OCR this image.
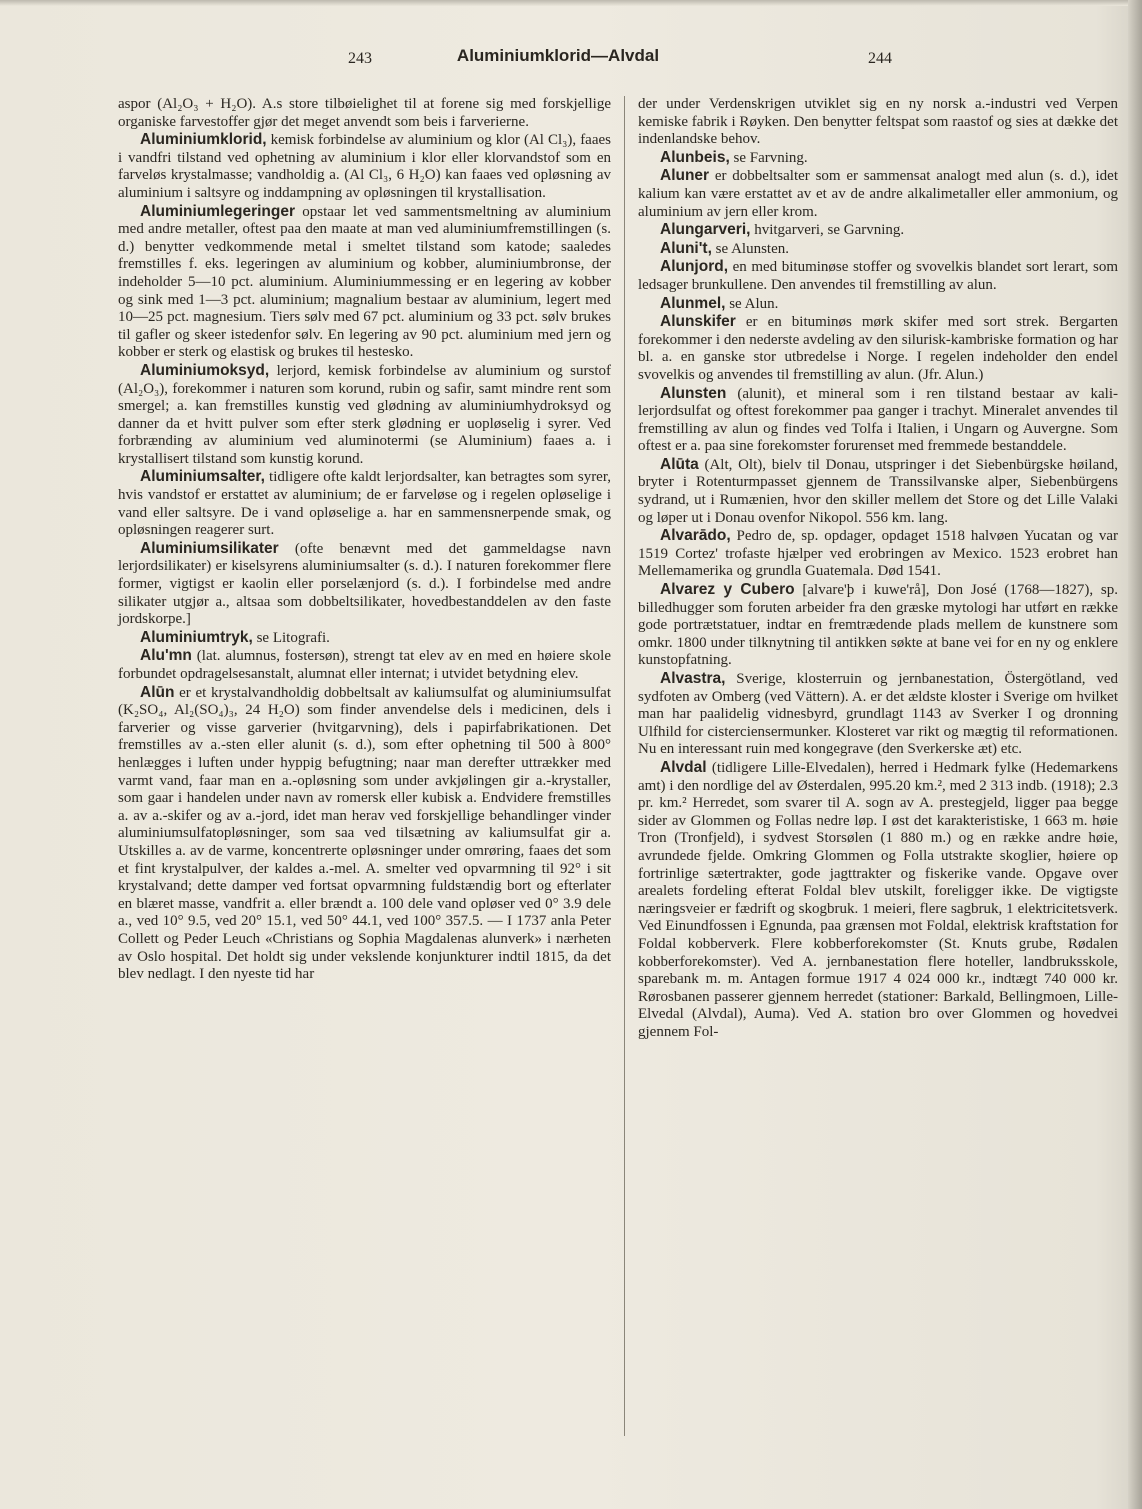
243	Aluminiumklorid—Alvdal	244

aspor (Al₂O₃ + H₂O). A.s store tilbøielighet til at forene sig med forskjellige organiske farvestoffer gjør det meget anvendt som beis i farverierne.

Aluminiumklorid, kemisk forbindelse av aluminium og klor (Al Cl₃), faaes i vandfri tilstand ved ophetning av aluminium i klor eller klorvandstof som en farveløs krystalmasse; vandholdig a. (Al Cl₃, 6 H₂O) kan faaes ved opløsning av aluminium i saltsyre og inddampning av opløsningen til krystallisation.

Aluminiumlegeringer opstaar let ved sammentsmeltning av aluminium med andre metaller, oftest paa den maate at man ved aluminiumfremstillingen (s. d.) benytter vedkommende metal i smeltet tilstand som katode; saaledes fremstilles f. eks. legeringen av aluminium og kobber, aluminiumbronse, der indeholder 5—10 pct. aluminium. Aluminiummessing er en legering av kobber og sink med 1—3 pct. aluminium; magnalium bestaar av aluminium, legert med 10—25 pct. magnesium. Tiers sølv med 67 pct. aluminium og 33 pct. sølv brukes til gafler og skeer istedenfor sølv. En legering av 90 pct. aluminium med jern og kobber er sterk og elastisk og brukes til hestesko.

Aluminiumoksyd, lerjord, kemisk forbindelse av aluminium og surstof (Al₂O₃), forekommer i naturen som korund, rubin og safir, samt mindre rent som smergel; a. kan fremstilles kunstig ved glødning av aluminiumhydroksyd og danner da et hvitt pulver som efter sterk glødning er uopløselig i syrer. Ved forbrænding av aluminium ved aluminotermi (se Aluminium) faaes a. i krystallisert tilstand som kunstig korund.

Aluminiumsalter, tidligere ofte kaldt lerjordsalter, kan betragtes som syrer, hvis vandstof er erstattet av aluminium; de er farveløse og i regelen opløselige i vand eller saltsyre. De i vand opløselige a. har en sammensnerpende smak, og opløsningen reagerer surt.

Aluminiumsilikater (ofte benævnt med det gammeldagse navn lerjordsilikater) er kiselsyrens aluminiumsalter (s. d.). I naturen forekommer flere former, vigtigst er kaolin eller porselænjord (s. d.). I forbindelse med andre silikater utgjør a., altsaa som dobbeltsilikater, hovedbestanddelen av den faste jordskorpe.]

Aluminiumtryk, se Litografi.

Alu'mn (lat. alumnus, fostersøn), strengt tat elev av en med en høiere skole forbundet opdragelsesanstalt, alumnat eller internat; i utvidet betydning elev.

Alūn er et krystalvandholdig dobbeltsalt av kaliumsulfat og aluminiumsulfat (K₂SO₄, Al₂(SO₄)₃, 24 H₂O) som finder anvendelse dels i medicinen, dels i farverier og visse garverier (hvitgarvning), dels i papirfabrikationen. Det fremstilles av a.-sten eller alunit (s. d.), som efter ophetning til 500 à 800° henlægges i luften under hyppig befugtning; naar man derefter uttrækker med varmt vand, faar man en a.-opløsning som under avkjølingen gir a.-krystaller, som gaar i handelen under navn av romersk eller kubisk a. Endvidere fremstilles a. av a.-skifer og av a.-jord, idet man herav ved forskjellige behandlinger vinder aluminiumsulfatopløsninger, som saa ved tilsætning av kaliumsulfat gir a. Utskilles a. av de varme, koncentrerte opløsninger under omrøring, faaes det som et fint krystalpulver, der kaldes a.-mel. A. smelter ved opvarmning til 92° i sit krystalvand; dette damper ved fortsat opvarmning fuldstændig bort og efterlater en blæret masse, vandfrit a. eller brændt a. 100 dele vand opløser ved 0° 3.9 dele a., ved 10° 9.5, ved 20° 15.1, ved 50° 44.1, ved 100° 357.5. — I 1737 anla Peter Collett og Peder Leuch «Christians og Sophia Magdalenas alunverk» i nærheten av Oslo hospital. Det holdt sig under vekslende konjunkturer indtil 1815, da det blev nedlagt. I den nyeste tid har

der under Verdenskrigen utviklet sig en ny norsk a.-industri ved Verpen kemiske fabrik i Røyken. Den benytter feltspat som raastof og sies at dække det indenlandske behov.

Alunbeis, se Farvning.

Aluner er dobbeltsalter som er sammensat analogt med alun (s. d.), idet kalium kan være erstattet av et av de andre alkalimetaller eller ammonium, og aluminium av jern eller krom.

Alungarveri, hvitgarveri, se Garvning.

Aluni't, se Alunsten.

Alunjord, en med bituminøse stoffer og svovelkis blandet sort lerart, som ledsager brunkullene. Den anvendes til fremstilling av alun.

Alunmel, se Alun.

Alunskifer er en bituminøs mørk skifer med sort strek. Bergarten forekommer i den nederste avdeling av den silurisk-kambriske formation og har bl. a. en ganske stor utbredelse i Norge. I regelen indeholder den endel svovelkis og anvendes til fremstilling av alun. (Jfr. Alun.)

Alunsten (alunit), et mineral som i ren tilstand bestaar av kali-lerjordsulfat og oftest forekommer paa ganger i trachyt. Mineralet anvendes til fremstilling av alun og findes ved Tolfa i Italien, i Ungarn og Auvergne. Som oftest er a. paa sine forekomster forurenset med fremmede bestanddele.

Alūta (Alt, Olt), bielv til Donau, utspringer i det Siebenbürgske høiland, bryter i Rotenturmpasset gjennem de Transsilvanske alper, Siebenbürgens sydrand, ut i Rumænien, hvor den skiller mellem det Store og det Lille Valaki og løper ut i Donau ovenfor Nikopol. 556 km. lang.

Alvarādo, Pedro de, sp. opdager, opdaget 1518 halvøen Yucatan og var 1519 Cortez' trofaste hjælper ved erobringen av Mexico. 1523 erobret han Mellemamerika og grundla Guatemala. Død 1541.

Alvarez y Cubero [alvare'þ i kuwe'rå], Don José (1768—1827), sp. billedhugger som foruten arbeider fra den græske mytologi har utført en række gode portrætstatuer, indtar en fremtrædende plads mellem de kunstnere som omkr. 1800 under tilknytning til antikken søkte at bane vei for en ny og enklere kunstopfatning.

Alvastra, Sverige, klosterruin og jernbanestation, Östergötland, ved sydfoten av Omberg (ved Vättern). A. er det ældste kloster i Sverige om hvilket man har paalidelig vidnesbyrd, grundlagt 1143 av Sverker I og dronning Ulfhild for cisterciensermunker. Klosteret var rikt og mægtig til reformationen. Nu en interessant ruin med kongegrave (den Sverkerske æt) etc.

Alvdal (tidligere Lille-Elvedalen), herred i Hedmark fylke (Hedemarkens amt) i den nordlige del av Østerdalen, 995.20 km.², med 2 313 indb. (1918); 2.3 pr. km.² Herredet, som svarer til A. sogn av A. prestegjeld, ligger paa begge sider av Glommen og Follas nedre løp. I øst det karakteristiske, 1 663 m. høie Tron (Tronfjeld), i sydvest Storsølen (1 880 m.) og en række andre høie, avrundede fjelde. Omkring Glommen og Folla utstrakte skoglier, høiere op fortrinlige sætertrakter, gode jagttrakter og fiskerike vande. Opgave over arealets fordeling efterat Foldal blev utskilt, foreligger ikke. De vigtigste næringsveier er fædrift og skogbruk. 1 meieri, flere sagbruk, 1 elektricitetsverk. Ved Einundfossen i Egnunda, paa grænsen mot Foldal, elektrisk kraftstation for Foldal kobberverk. Flere kobberforekomster (St. Knuts grube, Rødalen kobberforekomster). Ved A. jernbanestation flere hoteller, landbruksskole, sparebank m. m. Antagen formue 1917 4 024 000 kr., indtægt 740 000 kr. Rørosbanen passerer gjennem herredet (stationer: Barkald, Bellingmoen, Lille-Elvedal (Alvdal), Auma). Ved A. station bro over Glommen og hovedvei gjennem Fol-
